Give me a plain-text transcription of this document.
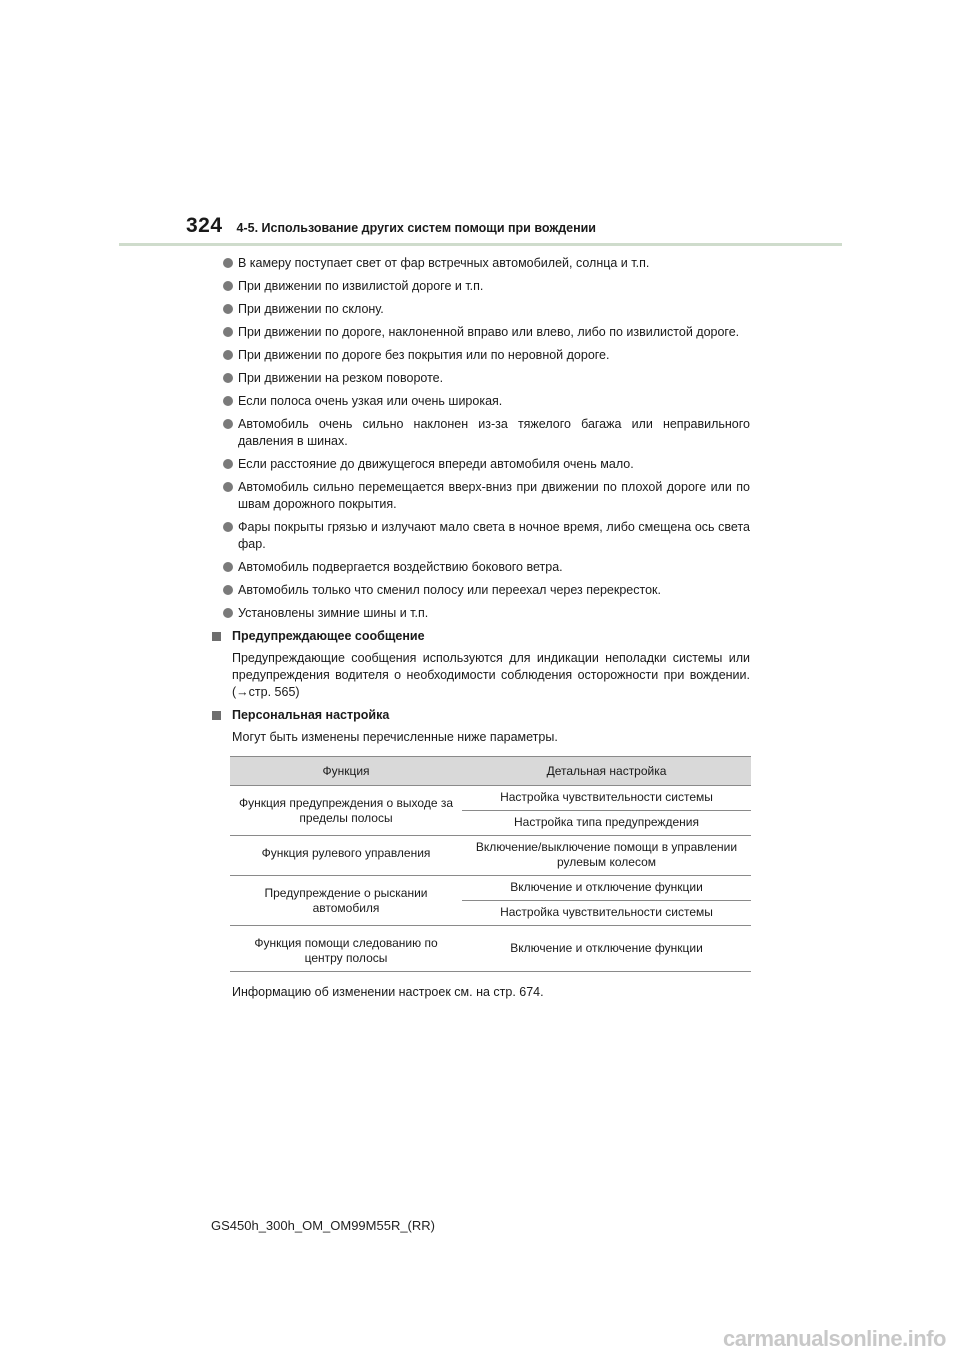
324 4-5. Использование других систем помощи при вождении
В камеру поступает свет от фар встречных автомобилей, солнца и т.п.
При движении по извилистой дороге и т.п.
При движении по склону.
При движении по дороге, наклоненной вправо или влево, либо по извилистой дороге.
При движении по дороге без покрытия или по неровной дороге.
При движении на резком повороте.
Если полоса очень узкая или очень широкая.
Автомобиль очень сильно наклонен из-за тяжелого багажа или неправильного давления в шинах.
Если расстояние до движущегося впереди автомобиля очень мало.
Автомобиль сильно перемещается вверх-вниз при движении по плохой дороге или по швам дорожного покрытия.
Фары покрыты грязью и излучают мало света в ночное время, либо смещена ось света фар.
Автомобиль подвергается воздействию бокового ветра.
Автомобиль только что сменил полосу или переехал через перекресток.
Установлены зимние шины и т.п.
Предупреждающее сообщение
Предупреждающие сообщения используются для индикации неполадки системы или предупреждения водителя о необходимости соблюдения осторожности при вождении. (→стр. 565)
Персональная настройка
Могут быть изменены перечисленные ниже параметры.
Функция	Детальная настройка
Функция предупреждения о выходе за пределы полосы	Настройка чувствительности системы
	Настройка типа предупреждения
Функция рулевого управления	Включение/выключение помощи в управлении рулевым колесом
Предупреждение о рыскании автомобиля	Включение и отключение функции
	Настройка чувствительности системы
Функция помощи следованию по центру полосы	Включение и отключение функции
Информацию об изменении настроек см. на стр. 674.
GS450h_300h_OM_OM99M55R_(RR)
carmanualsonline.info
